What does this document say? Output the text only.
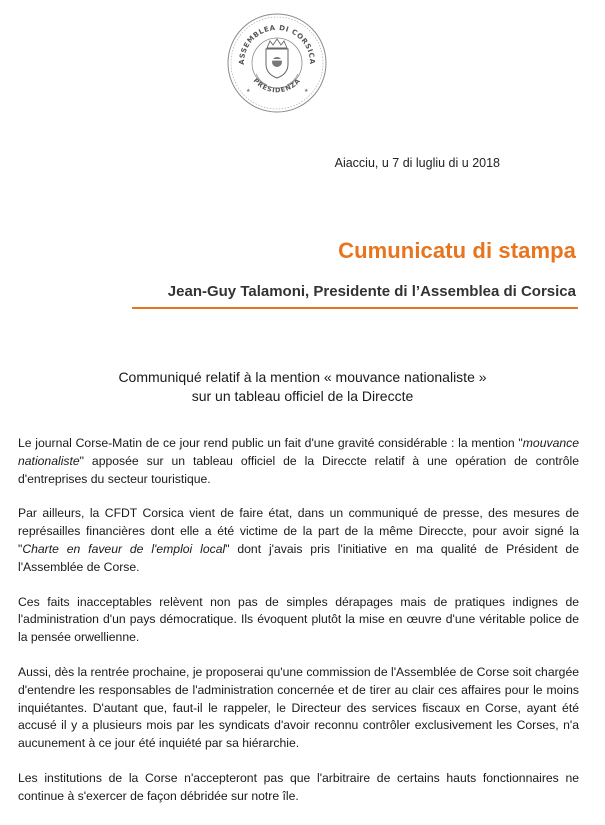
ASSEMBLEA DI CORSICA
PRESIDENZA
★	★
Aiacciu, u 7 di lugliu di u 2018
Cumunicatu di stampa
Jean-Guy Talamoni, Presidente di l’Assemblea di Corsica
Communiqué relatif à la mention « mouvance nationaliste »
sur un tableau officiel de la Direccte

Le journal Corse-Matin de ce jour rend public un fait d'une gravité considérable : la mention "mouvance nationaliste" apposée sur un tableau officiel de la Direccte relatif à une opération de contrôle d'entreprises du secteur touristique.

Par ailleurs, la CFDT Corsica vient de faire état, dans un communiqué de presse, des mesures de représailles financières dont elle a été victime de la part de la même Direccte, pour avoir signé la "Charte en faveur de l'emploi local" dont j'avais pris l'initiative en ma qualité de Président de l'Assemblée de Corse.

Ces faits inacceptables relèvent non pas de simples dérapages mais de pratiques indignes de l'administration d'un pays démocratique. Ils évoquent plutôt la mise en œuvre d'une véritable police de la pensée orwellienne.

Aussi, dès la rentrée prochaine, je proposerai qu'une commission de l'Assemblée de Corse soit chargée d'entendre les responsables de l'administration concernée et de tirer au clair ces affaires pour le moins inquiétantes. D'autant que, faut-il le rappeler, le Directeur des services fiscaux en Corse, ayant été accusé il y a plusieurs mois par les syndicats d'avoir reconnu contrôler exclusivement les Corses, n'a aucunement à ce jour été inquiété par sa hiérarchie.

Les institutions de la Corse n'accepteront pas que l'arbitraire de certains hauts fonctionnaires ne continue à s'exercer de façon débridée sur notre île.
